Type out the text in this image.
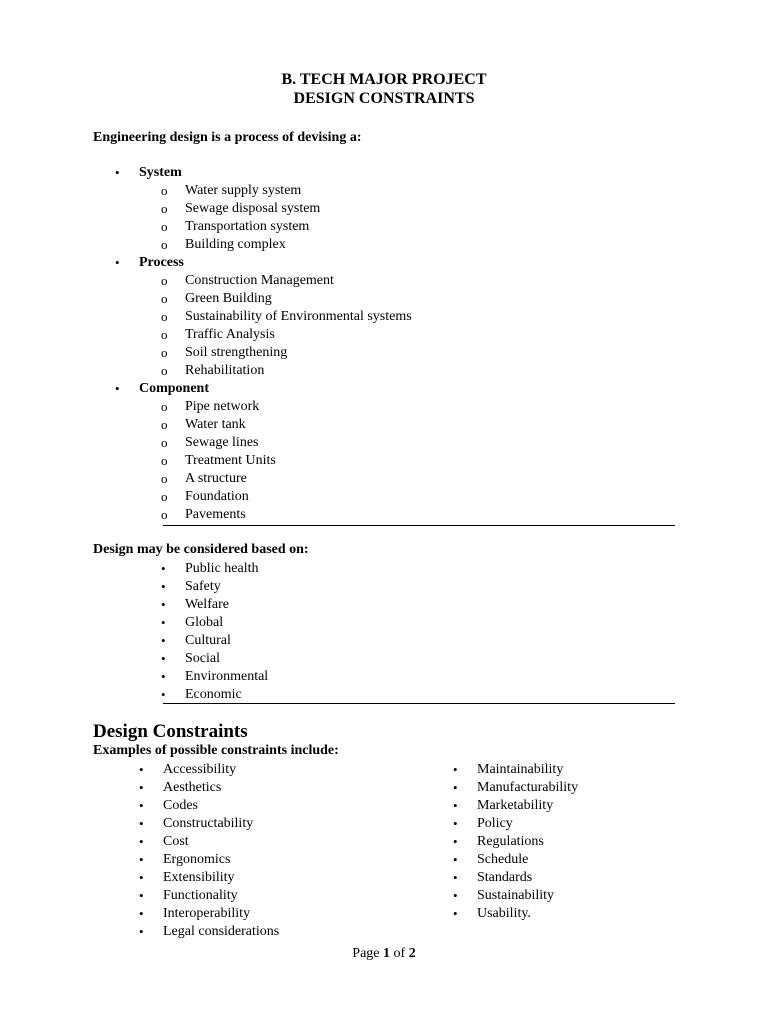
B. TECH MAJOR PROJECT
DESIGN CONSTRAINTS
Engineering design is a process of devising a:
•	System
o Water supply system
o Sewage disposal system
o Transportation system
o Building complex
•	Process
o Construction Management
o Green Building
o Sustainability of Environmental systems
o Traffic Analysis
o Soil strengthening
o Rehabilitation
•	Component
o Pipe network
o Water tank
o Sewage lines
o Treatment Units
o A structure
o Foundation
o Pavements
Design may be considered based on:
•	Public health
•	Safety
•	Welfare
•	Global
•	Cultural
•	Social
•	Environmental
•	Economic
Design Constraints
Examples of possible constraints include:
•	Accessibility
•	Aesthetics
•	Codes
•	Constructability
•	Cost
•	Ergonomics
•	Extensibility
•	Functionality
•	Interoperability
•	Legal considerations
•	Maintainability
•	Manufacturability
•	Marketability
•	Policy
•	Regulations
•	Schedule
•	Standards
•	Sustainability
•	Usability.
Page 1 of 2
